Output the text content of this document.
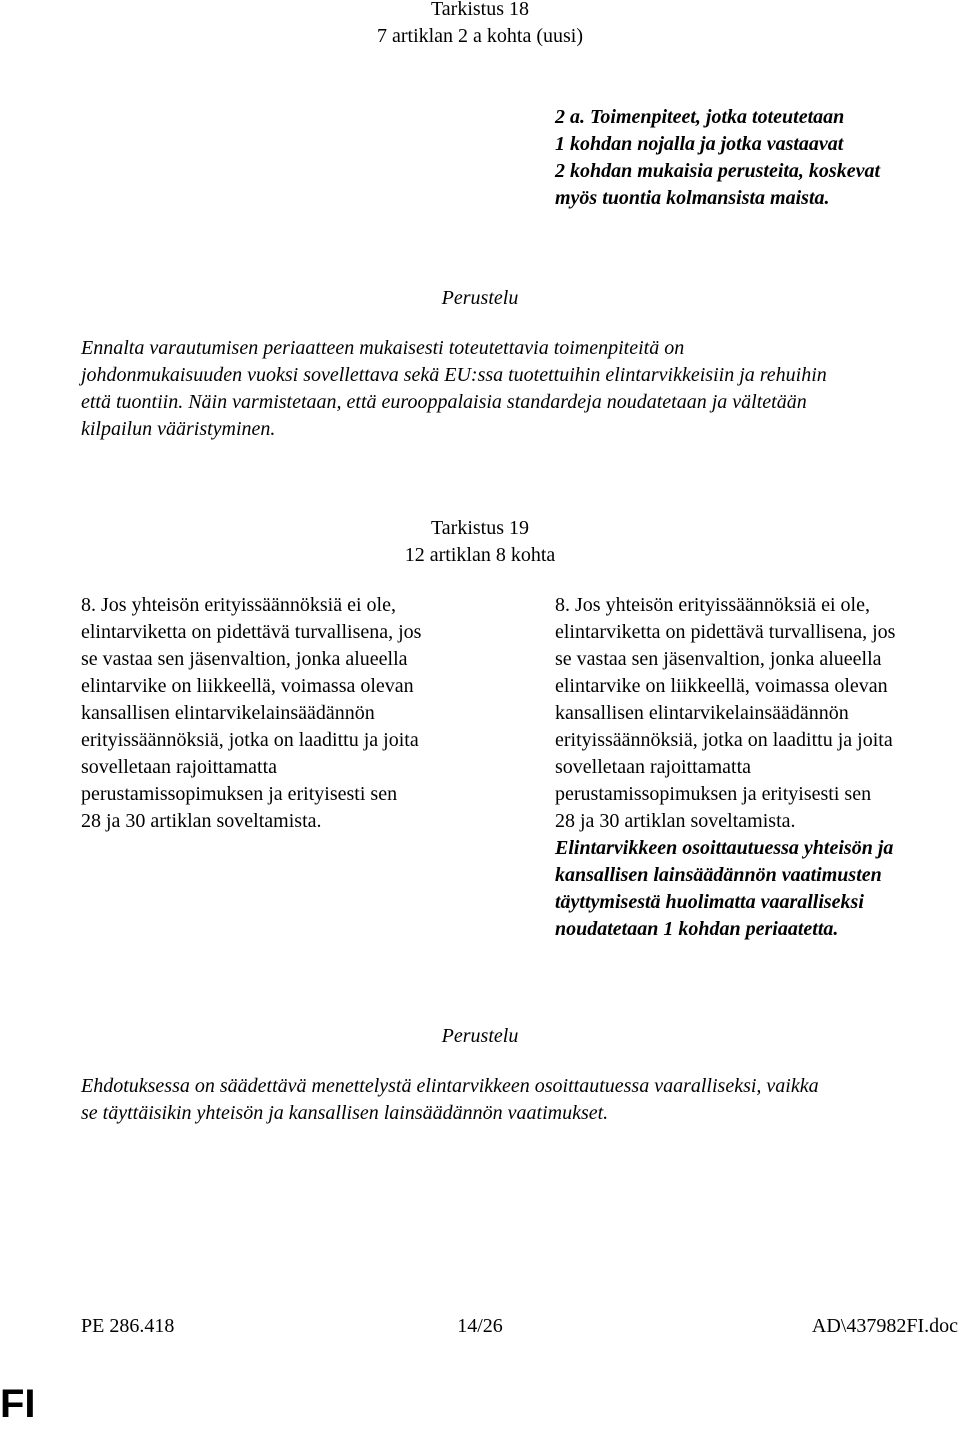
Tarkistus 18
7 artiklan 2 a kohta (uusi)
2 a. Toimenpiteet, jotka toteutetaan
1 kohdan nojalla ja jotka vastaavat
2 kohdan mukaisia perusteita, koskevat
myös tuontia kolmansista maista.
Perustelu
Ennalta varautumisen periaatteen mukaisesti toteutettavia toimenpiteitä on
johdonmukaisuuden vuoksi sovellettava sekä EU:ssa tuotettuihin elintarvikkeisiin ja rehuihin
että tuontiin. Näin varmistetaan, että eurooppalaisia standardeja noudatetaan ja vältetään
kilpailun vääristyminen.
Tarkistus 19
12 artiklan 8 kohta
8. Jos yhteisön erityissäännöksiä ei ole,
elintarviketta on pidettävä turvallisena, jos
se vastaa sen jäsenvaltion, jonka alueella
elintarvike on liikkeellä, voimassa olevan
kansallisen elintarvikelainsäädännön
erityissäännöksiä, jotka on laadittu ja joita
sovelletaan rajoittamatta
perustamissopimuksen ja erityisesti sen
28 ja 30 artiklan soveltamista.
8. Jos yhteisön erityissäännöksiä ei ole,
elintarviketta on pidettävä turvallisena, jos
se vastaa sen jäsenvaltion, jonka alueella
elintarvike on liikkeellä, voimassa olevan
kansallisen elintarvikelainsäädännön
erityissäännöksiä, jotka on laadittu ja joita
sovelletaan rajoittamatta
perustamissopimuksen ja erityisesti sen
28 ja 30 artiklan soveltamista.
Elintarvikkeen osoittautuessa yhteisön ja
kansallisen lainsäädännön vaatimusten
täyttymisestä huolimatta vaaralliseksi
noudatetaan 1 kohdan periaatetta.
Perustelu
Ehdotuksessa on säädettävä menettelystä elintarvikkeen osoittautuessa vaaralliseksi, vaikka
se täyttäisikin yhteisön ja kansallisen lainsäädännön vaatimukset.
PE 286.418	14/26	AD\437982FI.doc
FI
